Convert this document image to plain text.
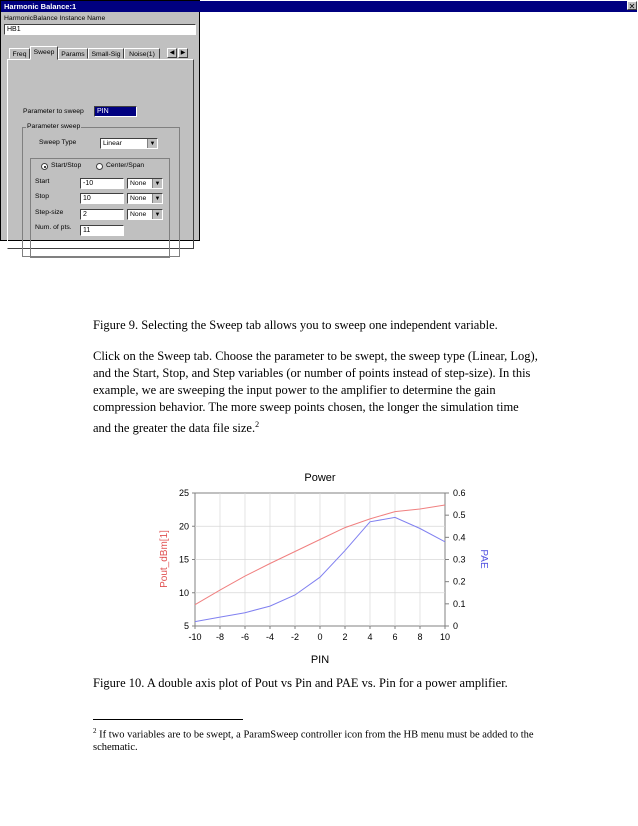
Harmonic Balance:1	✕
HarmonicBalance Instance Name
HB1
Freq	Sweep	Params Small-Sig	Noise(1)	◀	▶
Parameter to sweep	PIN
Parameter sweep
Sweep Type	Linear	▼
Start/Stop	Center/Span
Start	-10	None	▼
Stop	10	None	▼
Step-size	2	None	▼
Num. of pts.	11
Figure 9. Selecting the Sweep tab allows you to sweep one independent variable.
Click on the Sweep tab. Choose the parameter to be swept, the sweep type (Linear, Log),
and the Start, Stop, and Step variables (or number of points instead of step-size). In this
example, we are sweeping the input power to the amplifier to determine the gain
compression behavior. The more sweep points chosen, the longer the simulation time
and the greater the data file size.$^2$
-10 -8 -6 -4 -2 0 2 4 6 8 10
5
10
15
20
25
0
0.1
0.2
0.3
0.4
0.5
0.6
Power
PIN
Pout_dBm[1]	PAE
Figure 10. A double axis plot of Pout vs Pin and PAE vs. Pin for a power amplifier.
$^2$ If two variables are to be swept, a ParamSweep controller icon from the HB menu must be added to the
schematic.
